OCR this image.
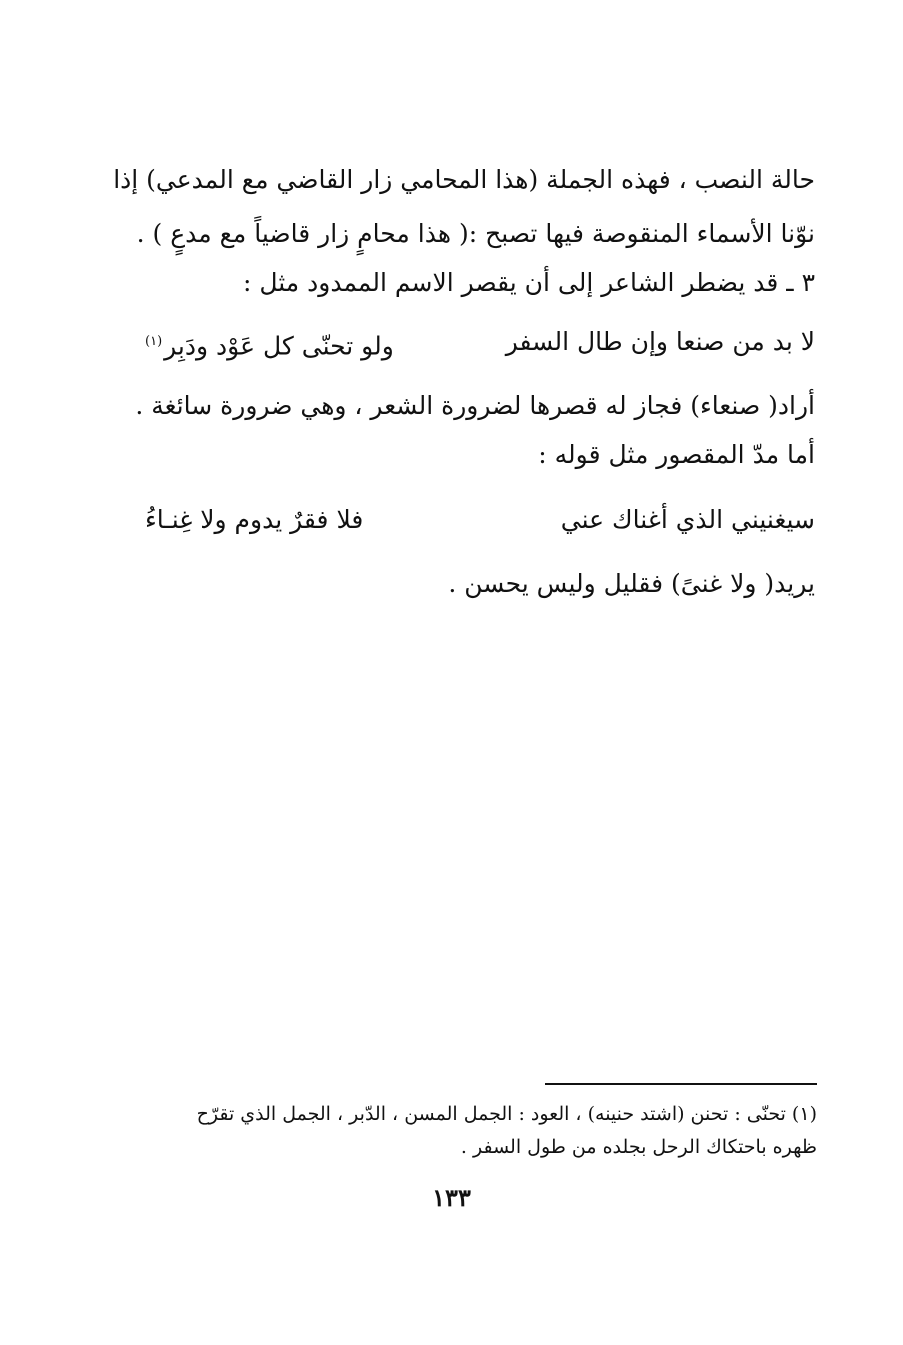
حالة النصب ، فهذه الجملة (هذا المحامي زار القاضي مع المدعي) إذا
نوّنا الأسماء المنقوصة فيها تصبح :( هذا محامٍ زار قاضياً مع مدعٍ ) .
٣ ـ قد يضطر الشاعر إلى أن يقصر الاسم الممدود مثل :
لا بد من صنعا وإن طال السفر
ولو تحنّى كل عَوْد ودَبِر$^{(١)}$
أراد( صنعاء) فجاز له قصرها لضرورة الشعر ، وهي ضرورة سائغة .
أما مدّ المقصور مثل قوله :
سيغنيني الذي أغناك عني
فلا فقرٌ يدوم ولا غِنـاءُ
يريد( ولا غنىً) فقليل وليس يحسن .
(١) تحنّى : تحنن (اشتد حنينه) ، العود : الجمل المسن ، الدّبر ، الجمل الذي تقرّح
ظهره باحتكاك الرحل بجلده من طول السفر .
١٣٣
